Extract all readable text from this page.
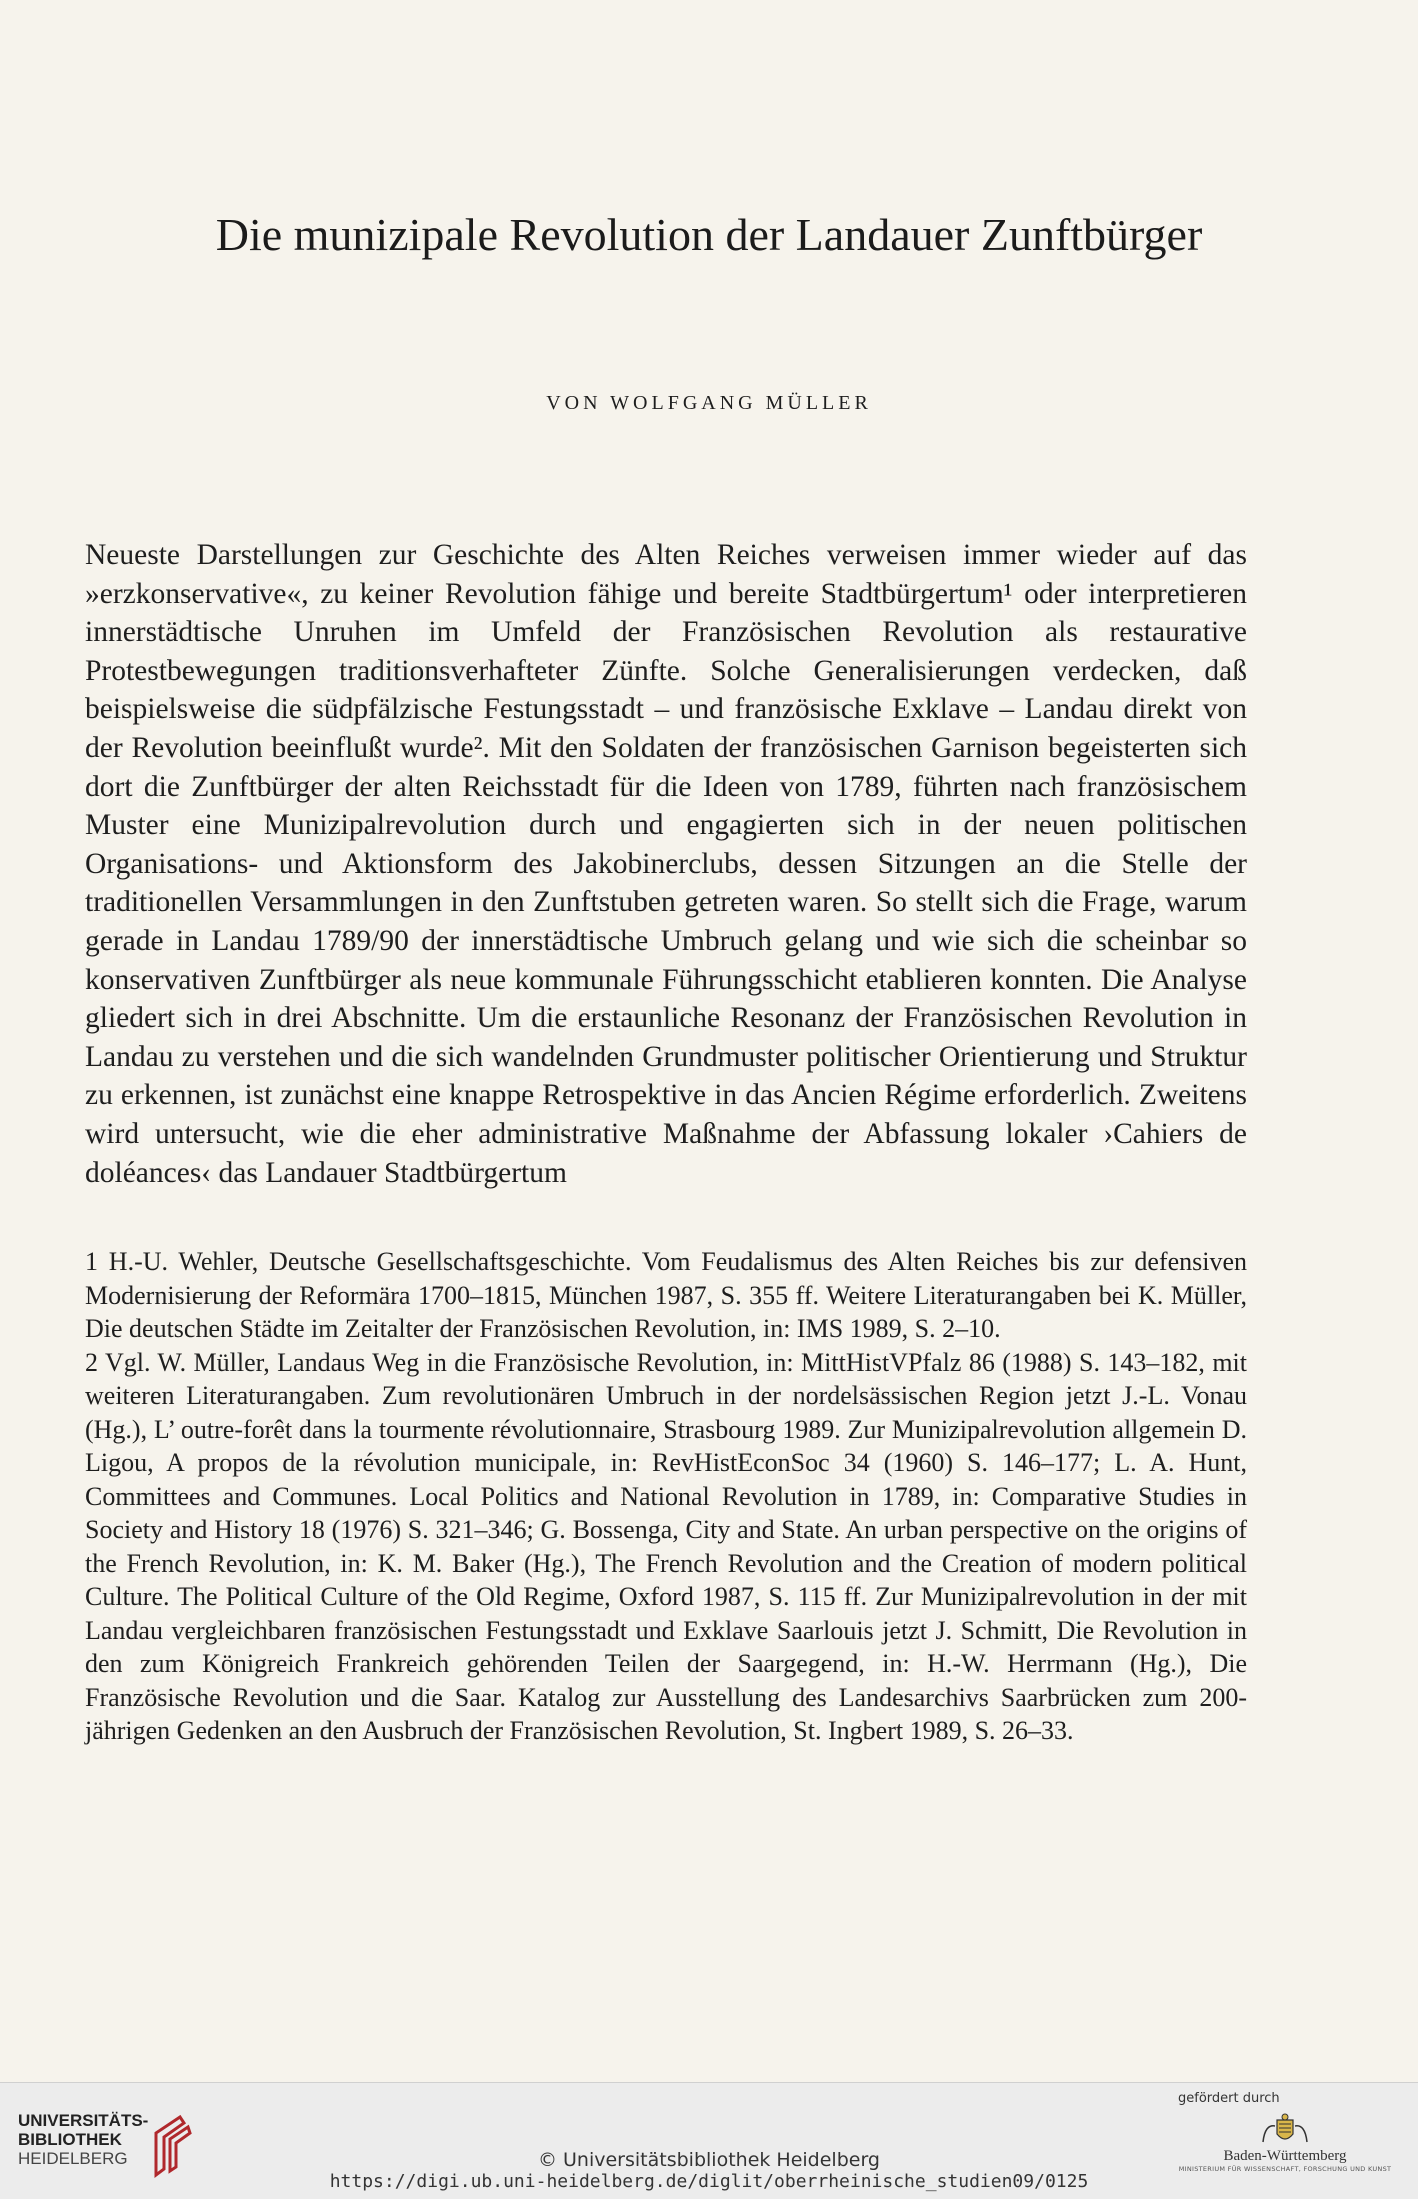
Die munizipale Revolution der Landauer Zunftbürger
VON WOLFGANG MÜLLER

Neueste Darstellungen zur Geschichte des Alten Reiches verweisen immer wieder auf das »erzkonservative«, zu keiner Revolution fähige und bereite Stadtbürgertum¹ oder interpretieren innerstädtische Unruhen im Umfeld der Französischen Revolution als restaurative Protestbewegungen traditionsverhafteter Zünfte. Solche Generalisierungen verdecken, daß beispielsweise die südpfälzische Festungsstadt – und französische Exklave – Landau direkt von der Revolution beeinflußt wurde². Mit den Soldaten der französischen Garnison begeisterten sich dort die Zunftbürger der alten Reichsstadt für die Ideen von 1789, führten nach französischem Muster eine Munizipalrevolution durch und engagierten sich in der neuen politischen Organisations- und Aktionsform des Jakobinerclubs, dessen Sitzungen an die Stelle der traditionellen Versammlungen in den Zunftstuben getreten waren. So stellt sich die Frage, warum gerade in Landau 1789/90 der innerstädtische Umbruch gelang und wie sich die scheinbar so konservativen Zunftbürger als neue kommunale Führungsschicht etablieren konnten. Die Analyse gliedert sich in drei Abschnitte. Um die erstaunliche Resonanz der Französischen Revolution in Landau zu verstehen und die sich wandelnden Grundmuster politischer Orientierung und Struktur zu erkennen, ist zunächst eine knappe Retrospektive in das Ancien Régime erforderlich. Zweitens wird untersucht, wie die eher administrative Maßnahme der Abfassung lokaler ›Cahiers de doléances‹ das Landauer Stadtbürgertum

1 H.-U. Wehler, Deutsche Gesellschaftsgeschichte. Vom Feudalismus des Alten Reiches bis zur defensiven Modernisierung der Reformära 1700–1815, München 1987, S. 355 ff. Weitere Literaturangaben bei K. Müller, Die deutschen Städte im Zeitalter der Französischen Revolution, in: IMS 1989, S. 2–10.

2 Vgl. W. Müller, Landaus Weg in die Französische Revolution, in: MittHistVPfalz 86 (1988) S. 143–182, mit weiteren Literaturangaben. Zum revolutionären Umbruch in der nordelsässischen Region jetzt J.-L. Vonau (Hg.), L’ outre-forêt dans la tourmente révolutionnaire, Strasbourg 1989. Zur Munizipalrevolution allgemein D. Ligou, A propos de la révolution municipale, in: RevHistEconSoc 34 (1960) S. 146–177; L. A. Hunt, Committees and Communes. Local Politics and National Revolution in 1789, in: Comparative Studies in Society and History 18 (1976) S. 321–346; G. Bossenga, City and State. An urban perspective on the origins of the French Revolution, in: K. M. Baker (Hg.), The French Revolution and the Creation of modern political Culture. The Political Culture of the Old Regime, Oxford 1987, S. 115 ff. Zur Munizipalrevolution in der mit Landau vergleichbaren französischen Festungsstadt und Exklave Saarlouis jetzt J. Schmitt, Die Revolution in den zum Königreich Frankreich gehörenden Teilen der Saargegend, in: H.-W. Herrmann (Hg.), Die Französische Revolution und die Saar. Katalog zur Ausstellung des Landesarchivs Saarbrücken zum 200-jährigen Gedenken an den Ausbruch der Französischen Revolution, St. Ingbert 1989, S. 26–33.

UNIVERSITÄTS-
BIBLIOTHEK
HEIDELBERG	© Universitätsbibliothek Heidelberg
https://digi.ub.uni-heidelberg.de/diglit/oberrheinische_studien09/0125
gefördert durch
Baden-Württemberg
MINISTERIUM FÜR WISSENSCHAFT, FORSCHUNG UND KUNST
